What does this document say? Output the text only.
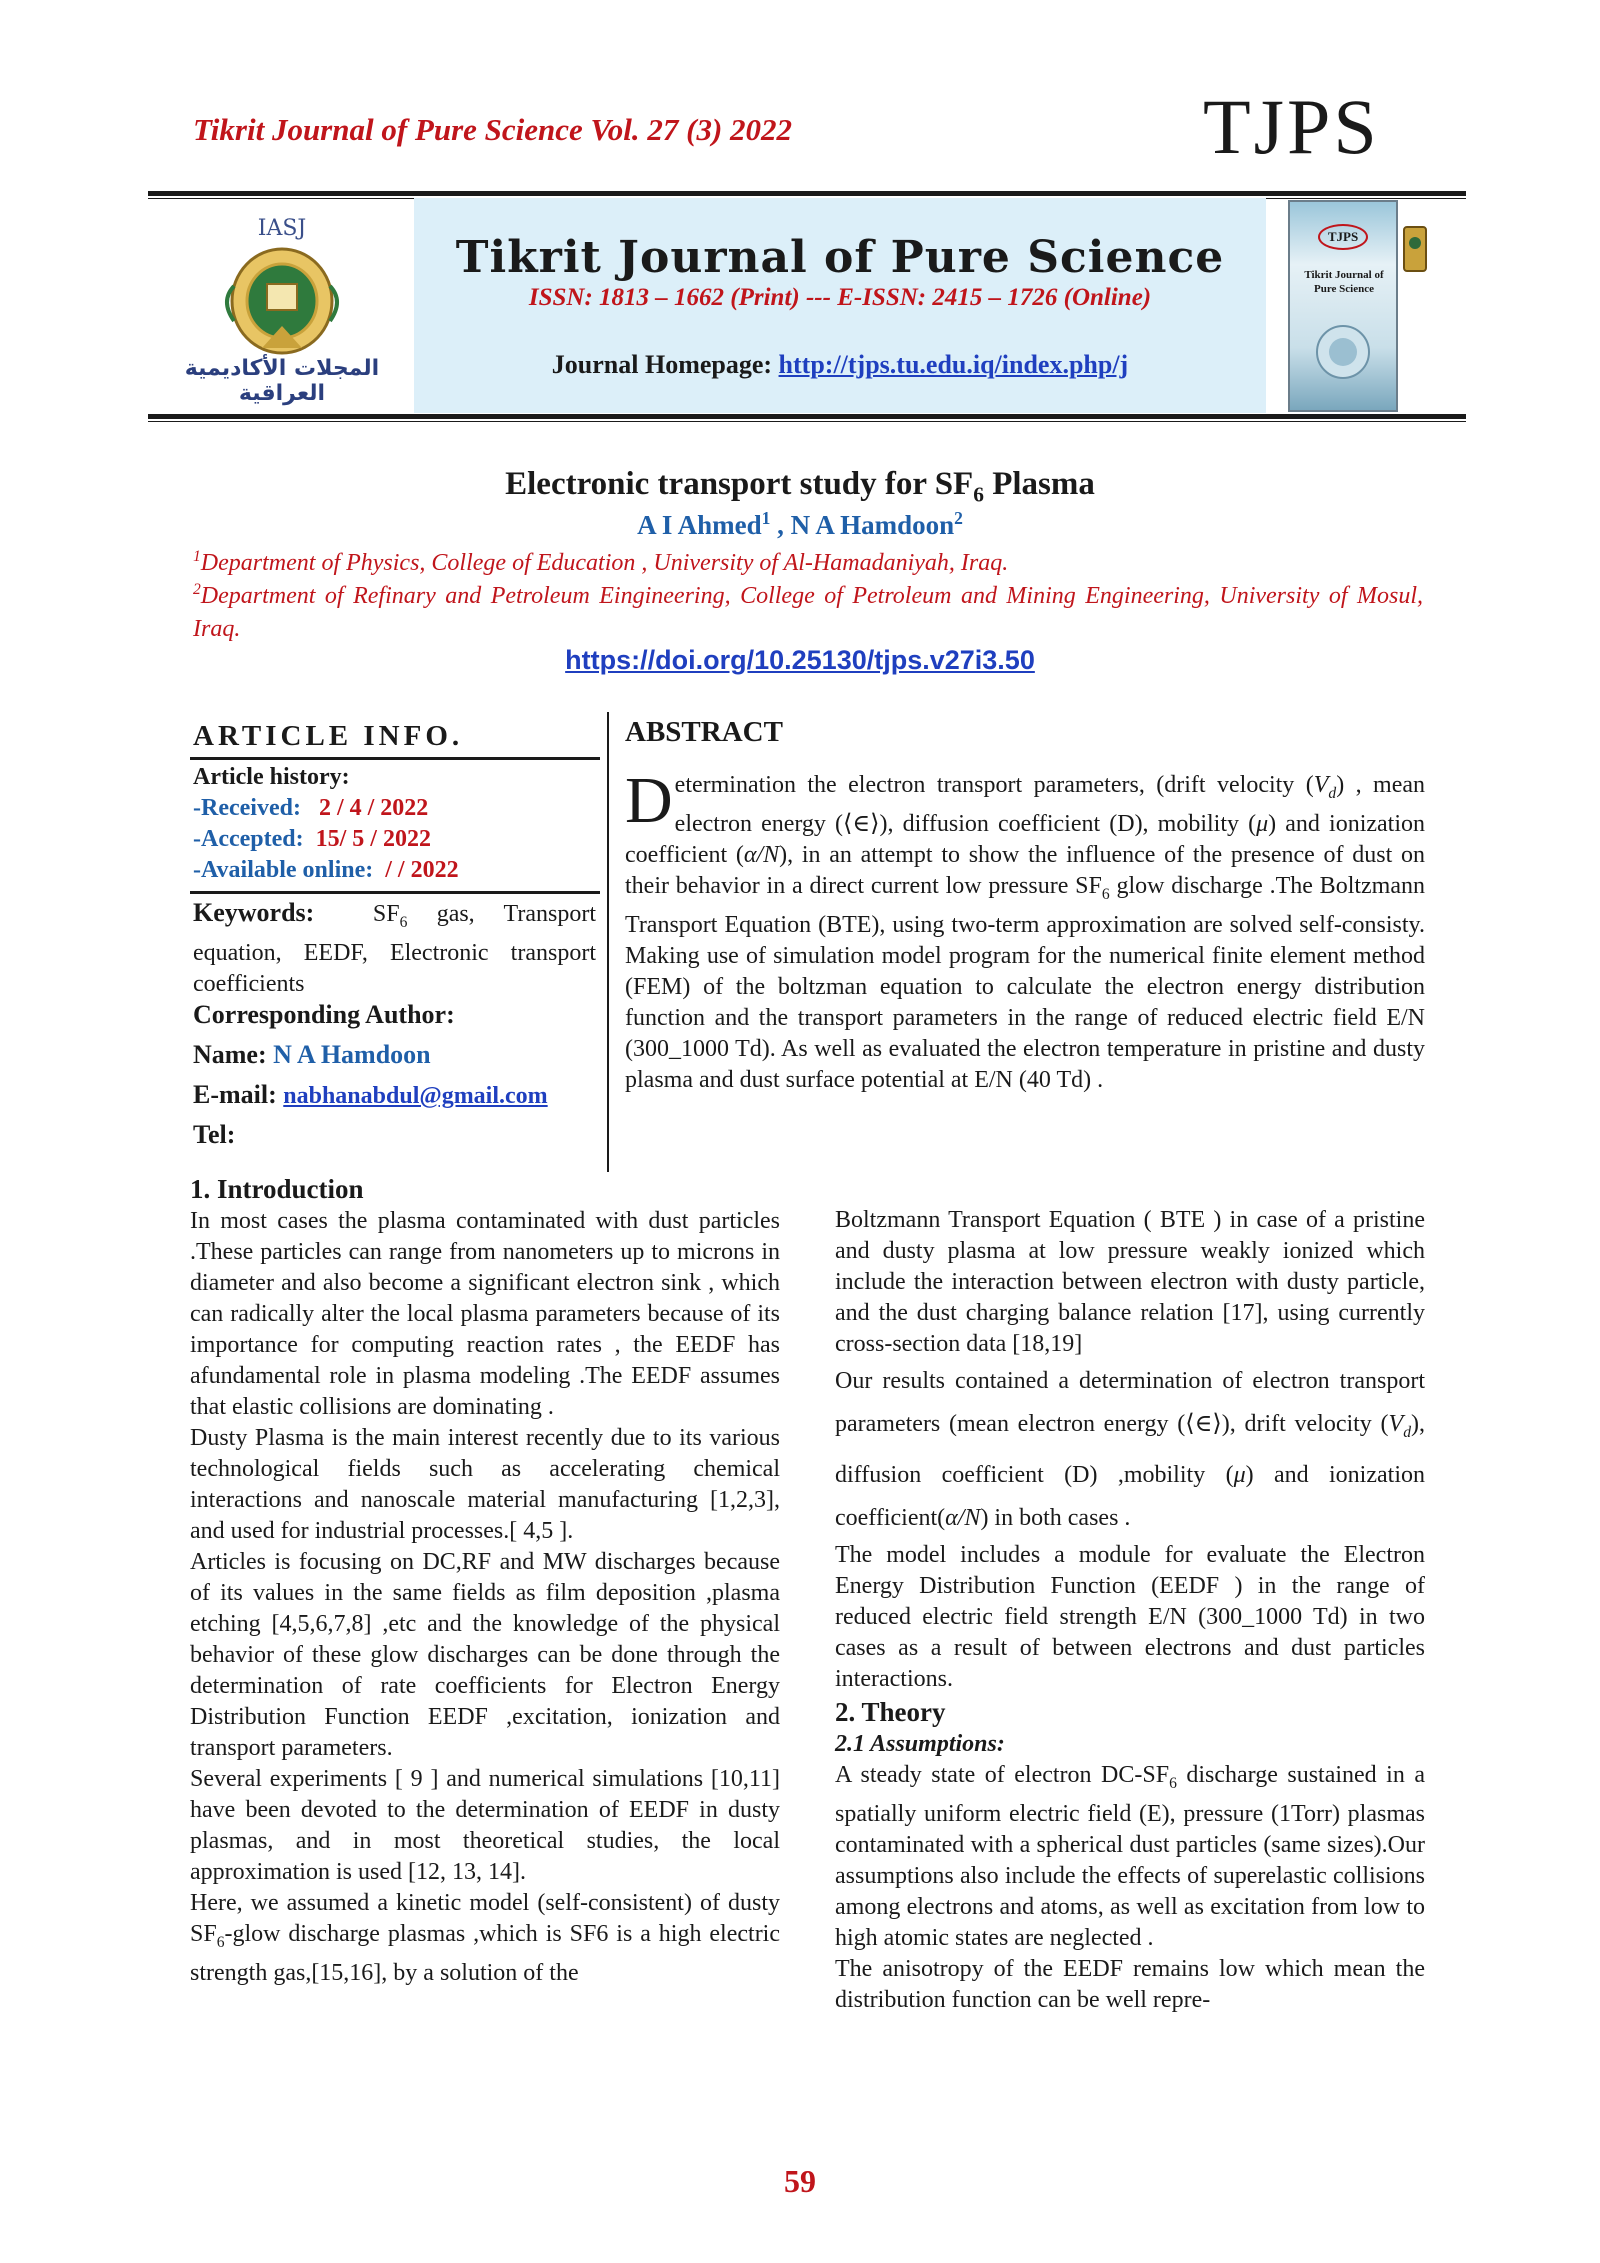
Tikrit Journal of Pure Science Vol. 27 (3) 2022	TJPS
IASJ
المجلات الأكاديمية العراقية
Tikrit Journal of Pure Science
ISSN: 1813 – 1662 (Print) --- E-ISSN: 2415 – 1726 (Online)
Journal Homepage: http://tjps.tu.edu.iq/index.php/j
TJPS
Tikrit Journal of
Pure Science
Electronic transport study for $SF_6$ Plasma
A I Ahmed$^1$ , N A Hamdoon$^2$
$^1$Department of Physics, College of Education , University of Al-Hamadaniyah, Iraq.
$^2$Department of Refinary and Petroleum Eingineering, College of Petroleum and Mining Engineering, University of Mosul, Iraq.
https://doi.org/10.25130/tjps.v27i3.50
ARTICLE INFO.
Article history:
-Received: 2 / 4 / 2022
-Accepted: 15/ 5 / 2022
-Available online: / / 2022
Keywords: $SF_6$ gas, Transport equation, EEDF, Electronic transport coefficients
Corresponding Author:
Name: N A Hamdoon
E-mail: nabhanabdul@gmail.com
Tel:
ABSTRACT
Determination the electron transport parameters, (drift velocity $(V_d)$ , mean electron energy (⟨∈⟩), diffusion coefficient (D), mobility (μ) and ionization coefficient (α/N), in an attempt to show the influence of the presence of dust on their behavior in a direct current low pressure $SF_6$ glow discharge .The Boltzmann Transport Equation (BTE), using two-term approximation are solved self-consisty. Making use of simulation model program for the numerical finite element method (FEM) of the boltzman equation to calculate the electron energy distribution function and the transport parameters in the range of reduced electric field E/N (300_1000 Td). As well as evaluated the electron temperature in pristine and dusty plasma and dust surface potential at E/N (40 Td) .
1. Introduction

In most cases the plasma contaminated with dust particles .These particles can range from nanometers up to microns in diameter and also become a significant electron sink , which can radically alter the local plasma parameters because of its importance for computing reaction rates , the EEDF has afundamental role in plasma modeling .The EEDF assumes that elastic collisions are dominating .

Dusty Plasma is the main interest recently due to its various technological fields such as accelerating chemical interactions and nanoscale material manufacturing [1,2,3], and used for industrial processes.[ 4,5 ].

Articles is focusing on DC,RF and MW discharges because of its values in the same fields as film deposition ,plasma etching [4,5,6,7,8] ,etc and the knowledge of the physical behavior of these glow discharges can be done through the determination of rate coefficients for Electron Energy Distribution Function EEDF ,excitation, ionization and transport parameters.

Several experiments [ 9 ] and numerical simulations [10,11] have been devoted to the determination of EEDF in dusty plasmas, and in most theoretical studies, the local approximation is used [12, 13, 14].

Here, we assumed a kinetic model (self-consistent) of dusty $SF_6$-glow discharge plasmas ,which is SF6 is a high electric strength gas,[15,16], by a solution of the

Boltzmann Transport Equation ( BTE ) in case of a pristine and dusty plasma at low pressure weakly ionized which include the interaction between electron with dusty particle, and the dust charging balance relation [17], using currently cross-section data [18,19]

Our results contained a determination of electron transport parameters (mean electron energy (⟨∈⟩), drift velocity $(V_d)$, diffusion coefficient (D) ,mobility (μ) and ionization coefficient(α/N) in both cases .

The model includes a module for evaluate the Electron Energy Distribution Function (EEDF ) in the range of reduced electric field strength E/N (300_1000 Td) in two cases as a result of between electrons and dust particles interactions.

2. Theory
2.1 Assumptions:

A steady state of electron $DC-SF_6$ discharge sustained in a spatially uniform electric field (E), pressure (1Torr) plasmas contaminated with a spherical dust particles (same sizes).Our assumptions also include the effects of superelastic collisions among electrons and atoms, as well as excitation from low to high atomic states are neglected .

The anisotropy of the EEDF remains low which mean the distribution function can be well repre-

59
